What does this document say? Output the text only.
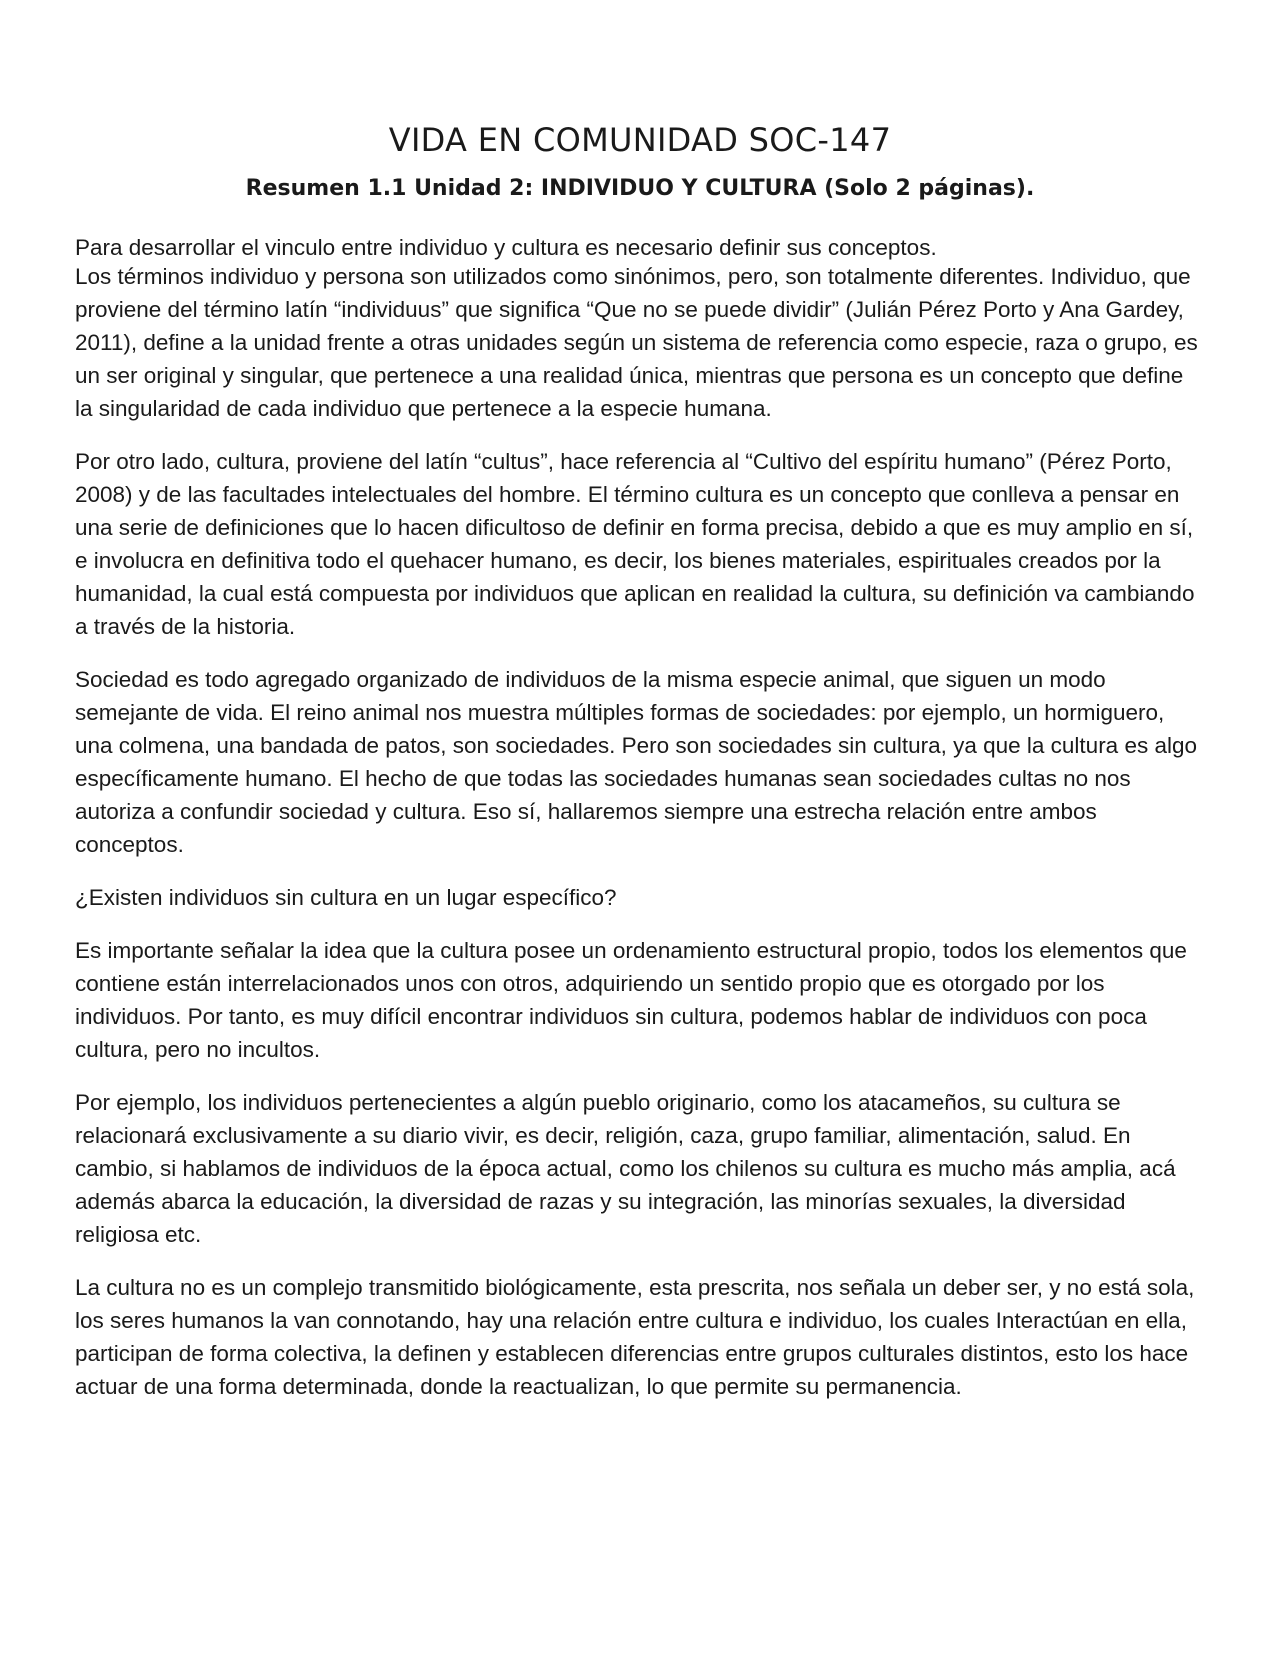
VIDA EN COMUNIDAD SOC-147
Resumen 1.1 Unidad 2: INDIVIDUO Y CULTURA (Solo 2 páginas).

Para desarrollar el vinculo entre individuo y cultura es necesario definir sus conceptos.

Los términos individuo y persona son utilizados como sinónimos, pero, son totalmente diferentes. Individuo, que proviene del término latín “individuus” que significa “Que no se puede dividir” (Julián Pérez Porto y Ana Gardey, 2011), define a la unidad frente a otras unidades según un sistema de referencia como especie, raza o grupo, es un ser original y singular, que pertenece a una realidad única, mientras que persona es un concepto que define la singularidad de cada individuo que pertenece a la especie humana.

Por otro lado, cultura, proviene del latín “cultus”, hace referencia al “Cultivo del espíritu humano” (Pérez Porto, 2008) y de las facultades intelectuales del hombre. El término cultura es un concepto que conlleva a pensar en una serie de definiciones que lo hacen dificultoso de definir en forma precisa, debido a que es muy amplio en sí, e involucra en definitiva todo el quehacer humano, es decir, los bienes materiales, espirituales creados por la humanidad, la cual está compuesta por individuos que aplican en realidad la cultura, su definición va cambiando a través de la historia.

Sociedad es todo agregado organizado de individuos de la misma especie animal, que siguen un modo semejante de vida. El reino animal nos muestra múltiples formas de sociedades: por ejemplo, un hormiguero, una colmena, una bandada de patos, son sociedades. Pero son sociedades sin cultura, ya que la cultura es algo específicamente humano. El hecho de que todas las sociedades humanas sean sociedades cultas no nos autoriza a confundir sociedad y cultura. Eso sí, hallaremos siempre una estrecha relación entre ambos conceptos.

¿Existen individuos sin cultura en un lugar específico?

Es importante señalar la idea que la cultura posee un ordenamiento estructural propio, todos los elementos que contiene están interrelacionados unos con otros, adquiriendo un sentido propio que es otorgado por los individuos. Por tanto, es muy difícil encontrar individuos sin cultura, podemos hablar de individuos con poca cultura, pero no incultos.

Por ejemplo, los individuos pertenecientes a algún pueblo originario, como los atacameños, su cultura se relacionará exclusivamente a su diario vivir, es decir, religión, caza, grupo familiar, alimentación, salud. En cambio, si hablamos de individuos de la época actual, como los chilenos su cultura es mucho más amplia, acá además abarca la educación, la diversidad de razas y su integración, las minorías sexuales, la diversidad religiosa etc.

La cultura no es un complejo transmitido biológicamente, esta prescrita, nos señala un deber ser, y no está sola, los seres humanos la van connotando, hay una relación entre cultura e individuo, los cuales Interactúan en ella, participan de forma colectiva, la definen y establecen diferencias entre grupos culturales distintos, esto los hace actuar de una forma determinada, donde la reactualizan, lo que permite su permanencia.
